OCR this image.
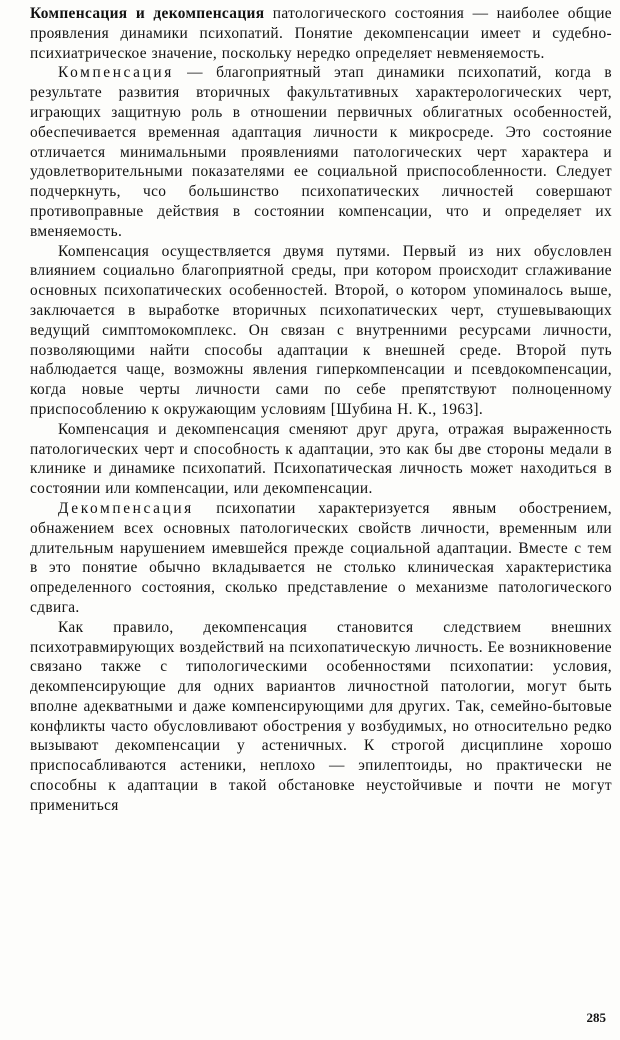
Компенсация и декомпенсация патологического состояния — наиболее общие проявления динамики психопатий. Понятие декомпенсации имеет и судебно-психиатрическое значение, поскольку нередко определяет невменяемость.

Компенсация — благоприятный этап динамики психопатий, когда в результате развития вторичных факультативных характерологических черт, играющих защитную роль в отношении первичных облигатных особенностей, обеспечивается временная адаптация личности к микросреде. Это состояние отличается минимальными проявлениями патологических черт характера и удовлетворительными показателями ее социальной приспособленности. Следует подчеркнуть, чсо большинство психопатических личностей совершают противоправные действия в состоянии компенсации, что и определяет их вменяемость.

Компенсация осуществляется двумя путями. Первый из них обусловлен влиянием социально благоприятной среды, при котором происходит сглаживание основных психопатических особенностей. Второй, о котором упоминалось выше, заключается в выработке вторичных психопатических черт, стушевывающих ведущий симптомокомплекс. Он связан с внутренними ресурсами личности, позволяющими найти способы адаптации к внешней среде. Второй путь наблюдается чаще, возможны явления гиперкомпенсации и псевдокомпенсации, когда новые черты личности сами по себе препятствуют полноценному приспособлению к окружающим условиям [Шубина Н. К., 1963].

Компенсация и декомпенсация сменяют друг друга, отражая выраженность патологических черт и способность к адаптации, это как бы две стороны медали в клинике и динамике психопатий. Психопатическая личность может находиться в состоянии или компенсации, или декомпенсации.

Декомпенсация психопатии характеризуется явным обострением, обнажением всех основных патологических свойств личности, временным или длительным нарушением имевшейся прежде социальной адаптации. Вместе с тем в это понятие обычно вкладывается не столько клиническая характеристика определенного состояния, сколько представление о механизме патологического сдвига.

Как правило, декомпенсация становится следствием внешних психотравмирующих воздействий на психопатическую личность. Ее возникновение связано также с типологическими особенностями психопатии: условия, декомпенсирующие для одних вариантов личностной патологии, могут быть вполне адекватными и даже компенсирующими для других. Так, семейно-бытовые конфликты часто обусловливают обострения у возбудимых, но относительно редко вызывают декомпенсации у астеничных. К строгой дисциплине хорошо приспосабливаются астеники, неплохо — эпилептоиды, но практически не способны к адаптации в такой обстановке неустойчивые и почти не могут примениться

285
